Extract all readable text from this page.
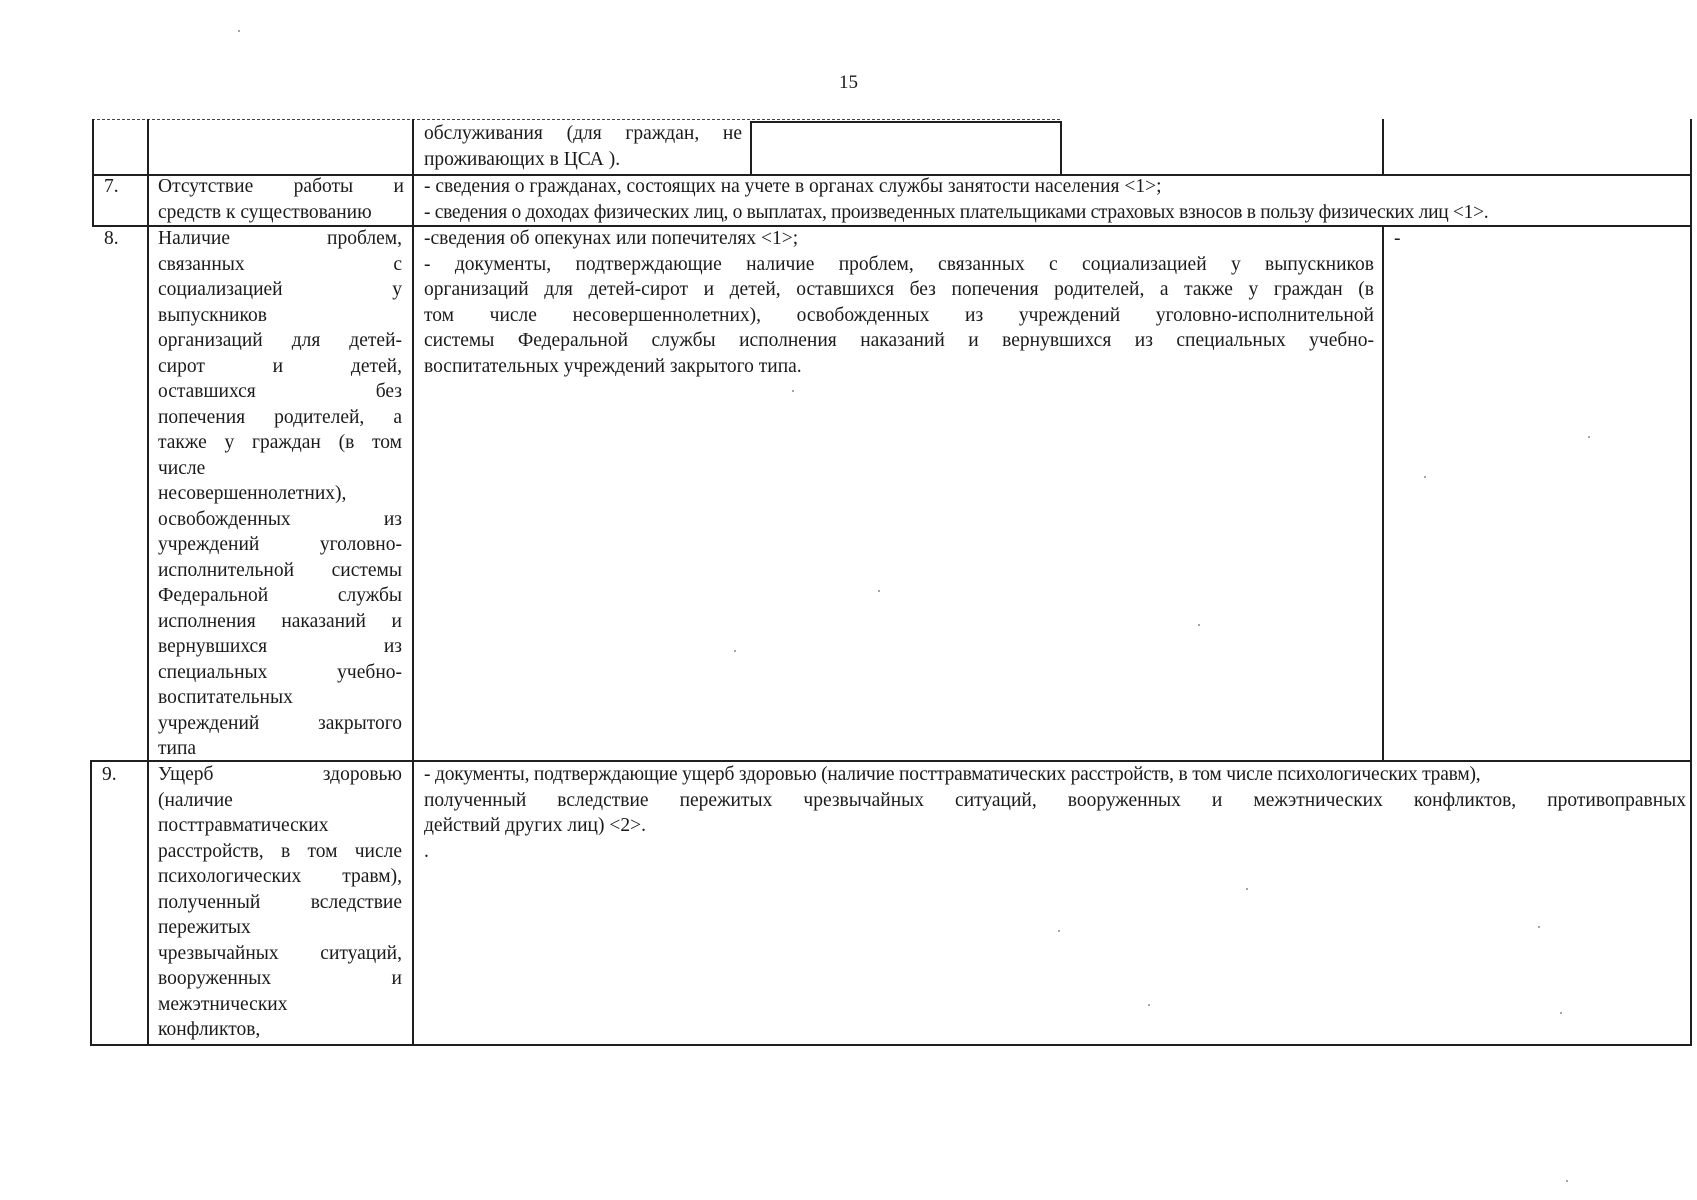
15
обслуживания (для граждан, не
проживающих в ЦСА ).
7. Отсутствие работы и
средств к существованию
- сведения о гражданах, состоящих на учете в органах службы занятости населения <1>;
- сведения о доходах физических лиц, о выплатах, произведенных плательщиками страховых взносов в пользу физических лиц <1>.
8. Наличие проблем,
связанных с
социализацией у
выпускников
организаций для детей-
сирот и детей,
оставшихся без
попечения родителей, а
также у граждан (в том
числе
несовершеннолетних),
освобожденных из
учреждений уголовно-
исполнительной системы
Федеральной службы
исполнения наказаний и
вернувшихся из
специальных учебно-
воспитательных
учреждений закрытого
типа
-сведения об опекунах или попечителях <1>;
- документы, подтверждающие наличие проблем, связанных с социализацией у выпускников
организаций для детей-сирот и детей, оставшихся без попечения родителей, а также у граждан (в
том числе несовершеннолетних), освобожденных из учреждений уголовно-исполнительной
системы Федеральной службы исполнения наказаний и вернувшихся из специальных учебно-
воспитательных учреждений закрытого типа.
-
9. Ущерб здоровью
(наличие
посттравматических
расстройств, в том числе
психологических травм),
полученный вследствие
пережитых
чрезвычайных ситуаций,
вооруженных и
межэтнических
конфликтов,
- документы, подтверждающие ущерб здоровью (наличие посттравматических расстройств, в том числе психологических травм),
полученный вследствие пережитых чрезвычайных ситуаций, вооруженных и межэтнических конфликтов, противоправных
действий других лиц) <2>.
.
